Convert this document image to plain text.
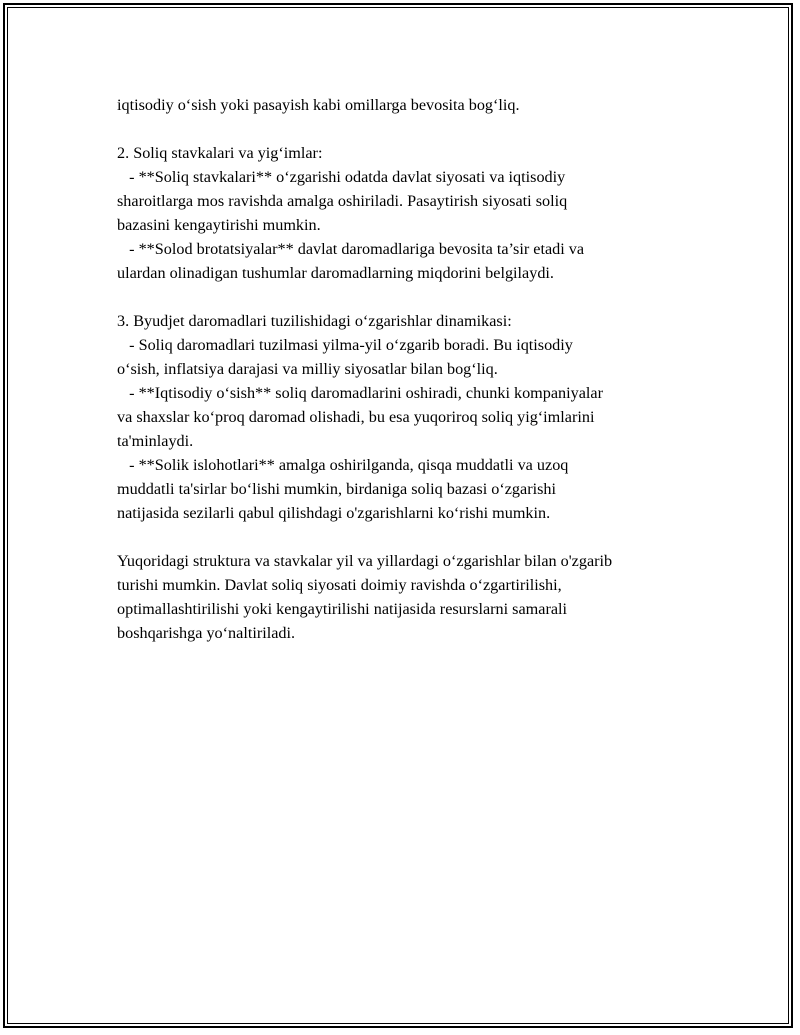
iqtisodiy o‘sish yoki pasayish kabi omillarga bevosita bog‘liq.
2. Soliq stavkalari va yig‘imlar:
- **Soliq stavkalari** o‘zgarishi odatda davlat siyosati va iqtisodiy
sharoitlarga mos ravishda amalga oshiriladi. Pasaytirish siyosati soliq
bazasini kengaytirishi mumkin.
- **Solod brotatsiyalar** davlat daromadlariga bevosita ta’sir etadi va
ulardan olinadigan tushumlar daromadlarning miqdorini belgilaydi.
3. Byudjet daromadlari tuzilishidagi o‘zgarishlar dinamikasi:
- Soliq daromadlari tuzilmasi yilma-yil o‘zgarib boradi. Bu iqtisodiy
o‘sish, inflatsiya darajasi va milliy siyosatlar bilan bog‘liq.
- **Iqtisodiy o‘sish** soliq daromadlarini oshiradi, chunki kompaniyalar
va shaxslar ko‘proq daromad olishadi, bu esa yuqoriroq soliq yig‘imlarini
ta'minlaydi.
- **Solik islohotlari** amalga oshirilganda, qisqa muddatli va uzoq
muddatli ta'sirlar bo‘lishi mumkin, birdaniga soliq bazasi o‘zgarishi
natijasida sezilarli qabul qilishdagi o'zgarishlarni ko‘rishi mumkin.
Yuqoridagi struktura va stavkalar yil va yillardagi o‘zgarishlar bilan o'zgarib
turishi mumkin. Davlat soliq siyosati doimiy ravishda o‘zgartirilishi,
optimallashtirilishi yoki kengaytirilishi natijasida resurslarni samarali
boshqarishga yo‘naltiriladi.
